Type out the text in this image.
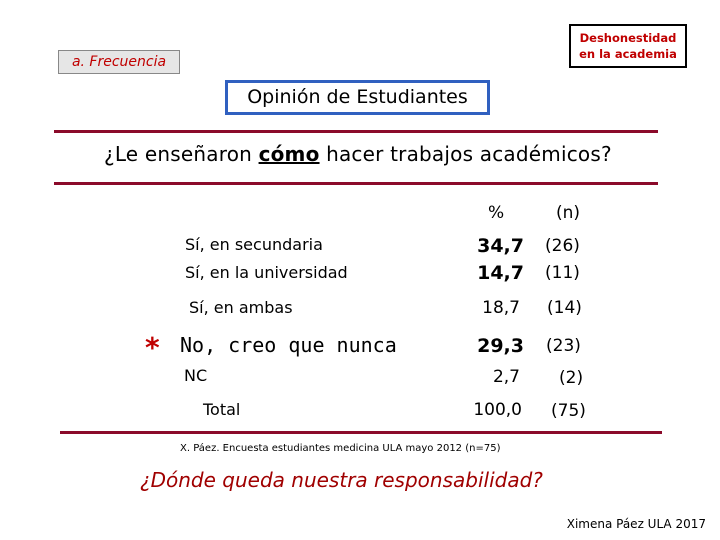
a. Frecuencia
Deshonestidad
en la academia
Opinión de Estudiantes
¿Le enseñaron cómo hacer trabajos académicos?
%	(n)
Sí, en secundaria	34,7 (26)
Sí, en la universidad	14,7 (11)
Sí, en ambas	18,7 (14)
* No, creo que nunca	29,3 (23)
NC	2,7 (2)
Total	100,0 (75)
X. Páez. Encuesta estudiantes medicina ULA mayo 2012 (n=75)
¿Dónde queda nuestra responsabilidad?
Ximena Páez ULA 2017
